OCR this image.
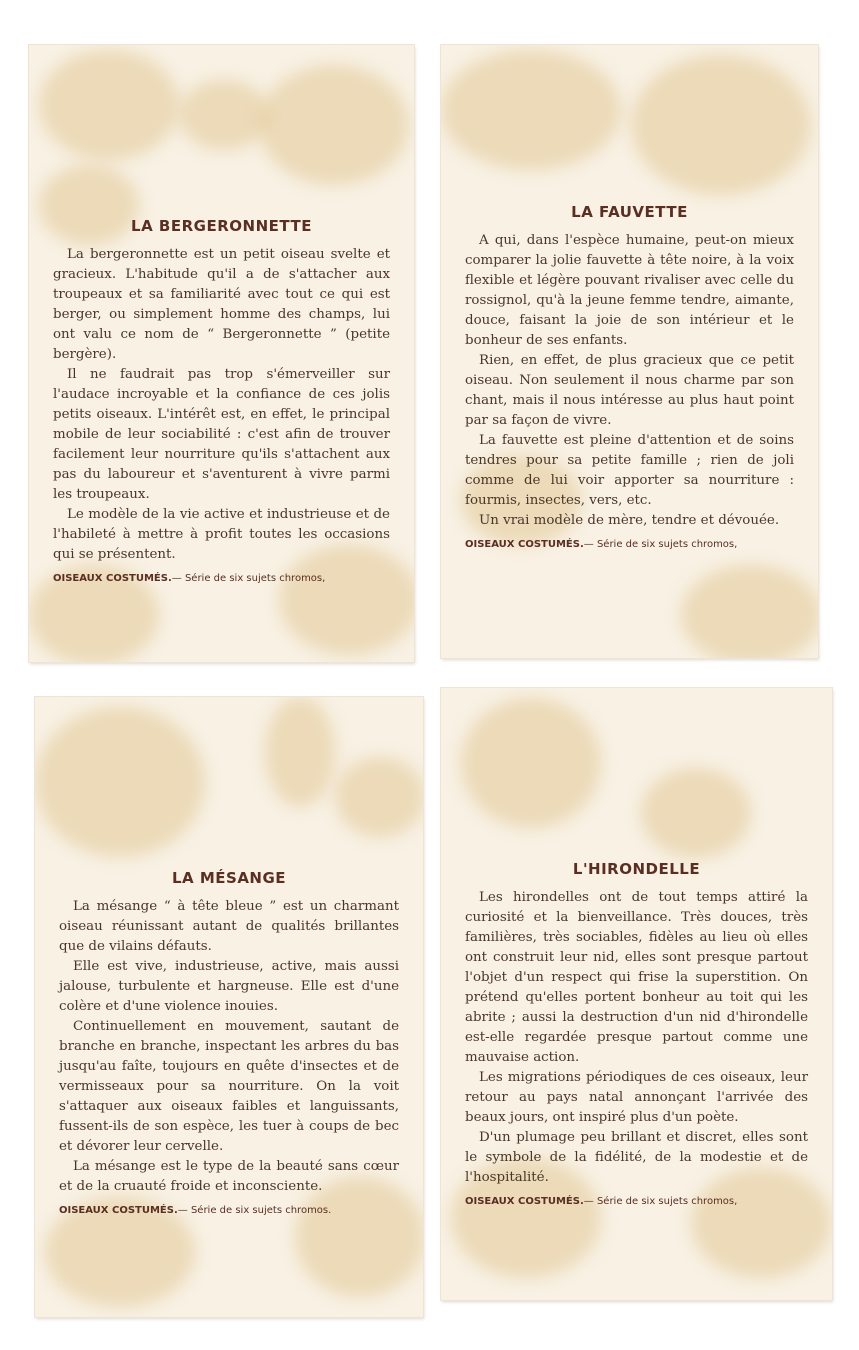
LA BERGERONNETTE

La bergeronnette est un petit oiseau svelte et gracieux. L'habitude qu'il a de s'attacher aux troupeaux et sa familiarité avec tout ce qui est berger, ou simplement homme des champs, lui ont valu ce nom de “ Bergeronnette ” (petite bergère).

Il ne faudrait pas trop s'émerveiller sur l'audace incroyable et la confiance de ces jolis petits oiseaux. L'intérêt est, en effet, le principal mobile de leur sociabilité : c'est afin de trouver facilement leur nourriture qu'ils s'attachent aux pas du laboureur et s'aventurent à vivre parmi les troupeaux.

Le modèle de la vie active et industrieuse et de l'habileté à mettre à profit toutes les occasions qui se présentent.

OISEAUX COSTUMÉS.— Série de six sujets chromos,
LA FAUVETTE

A qui, dans l'espèce humaine, peut-on mieux comparer la jolie fauvette à tête noire, à la voix flexible et légère pouvant rivaliser avec celle du rossignol, qu'à la jeune femme tendre, aimante, douce, faisant la joie de son intérieur et le bonheur de ses enfants.

Rien, en effet, de plus gracieux que ce petit oiseau. Non seulement il nous charme par son chant, mais il nous intéresse au plus haut point par sa façon de vivre.

La fauvette est pleine d'attention et de soins tendres pour sa petite famille ; rien de joli comme de lui voir apporter sa nourriture : fourmis, insectes, vers, etc.

Un vrai modèle de mère, tendre et dévouée.

OISEAUX COSTUMÉS.— Série de six sujets chromos,
LA MÉSANGE

La mésange “ à tête bleue ” est un charmant oiseau réunissant autant de qualités brillantes que de vilains défauts.

Elle est vive, industrieuse, active, mais aussi jalouse, turbulente et hargneuse. Elle est d'une colère et d'une violence inouies.

Continuellement en mouvement, sautant de branche en branche, inspectant les arbres du bas jusqu'au faîte, toujours en quête d'insectes et de vermisseaux pour sa nourriture. On la voit s'attaquer aux oiseaux faibles et languissants, fussent-ils de son espèce, les tuer à coups de bec et dévorer leur cervelle.

La mésange est le type de la beauté sans cœur et de la cruauté froide et inconsciente.

OISEAUX COSTUMÉS.— Série de six sujets chromos.
L'HIRONDELLE

Les hirondelles ont de tout temps attiré la curiosité et la bienveillance. Très douces, très familières, très sociables, fidèles au lieu où elles ont construit leur nid, elles sont presque partout l'objet d'un respect qui frise la superstition. On prétend qu'elles portent bonheur au toit qui les abrite ; aussi la destruction d'un nid d'hirondelle est-elle regardée presque partout comme une mauvaise action.

Les migrations périodiques de ces oiseaux, leur retour au pays natal annonçant l'arrivée des beaux jours, ont inspiré plus d'un poète.

D'un plumage peu brillant et discret, elles sont le symbole de la fidélité, de la modestie et de l'hospitalité.

OISEAUX COSTUMÉS.— Série de six sujets chromos,
